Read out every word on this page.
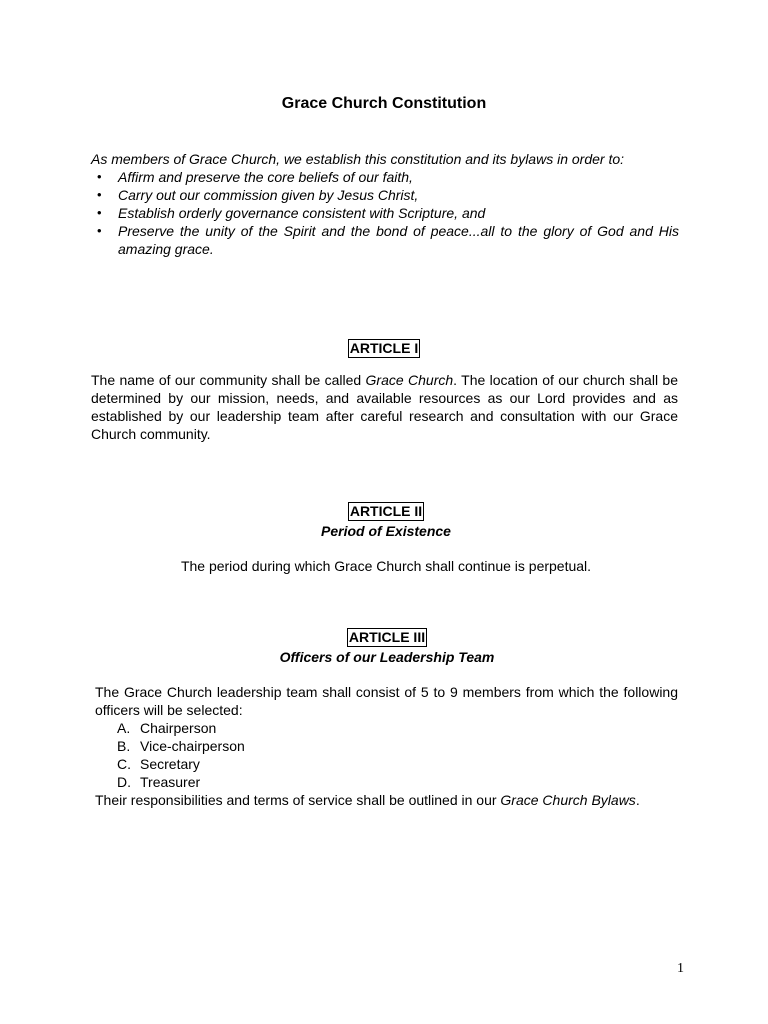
Grace Church Constitution
As members of Grace Church, we establish this constitution and its bylaws in order to:
• Affirm and preserve the core beliefs of our faith,
• Carry out our commission given by Jesus Christ,
• Establish orderly governance consistent with Scripture, and
• Preserve the unity of the Spirit and the bond of peace...all to the glory of God and His amazing grace.
ARTICLE I

The name of our community shall be called Grace Church. The location of our church shall be determined by our mission, needs, and available resources as our Lord provides and as established by our leadership team after careful research and consultation with our Grace Church community.

ARTICLE II
Period of Existence
The period during which Grace Church shall continue is perpetual.
ARTICLE III
Officers of our Leadership Team

The Grace Church leadership team shall consist of 5 to 9 members from which the following officers will be selected:

A. Chairperson
B. Vice-chairperson
C. Secretary
D. Treasurer

Their responsibilities and terms of service shall be outlined in our Grace Church Bylaws.

1
